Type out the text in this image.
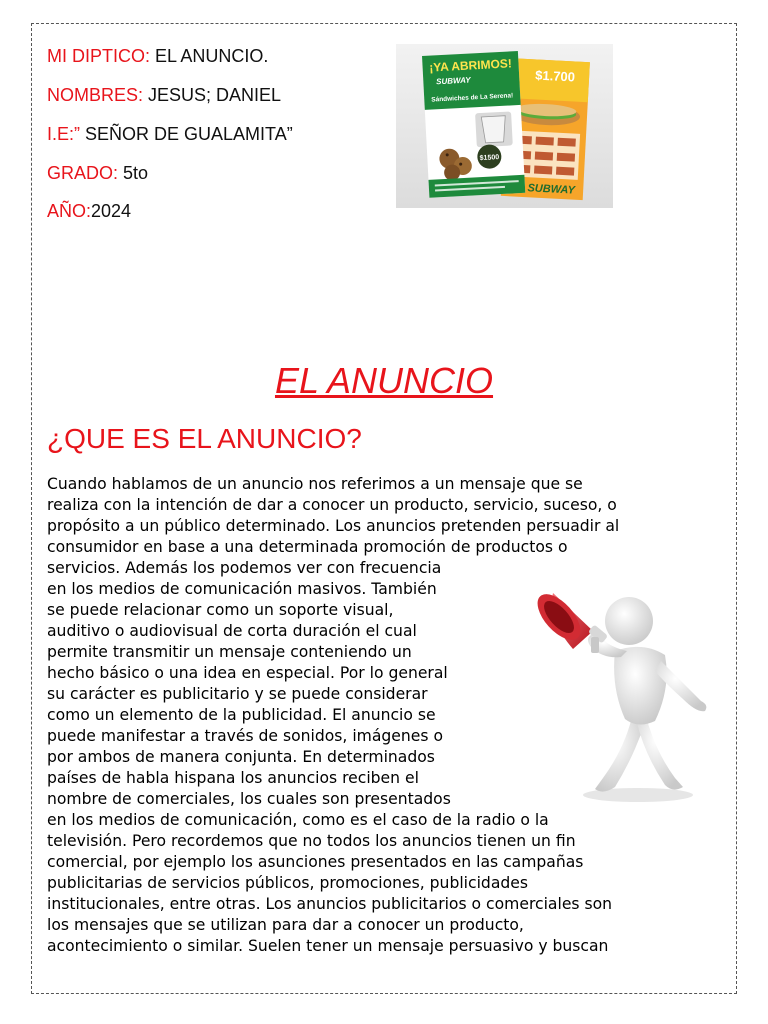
MI DIPTICO: EL ANUNCIO.
NOMBRES: JESUS; DANIEL
I.E:” SEÑOR DE GUALAMITA”
GRADO: 5to
AÑO:2024
$1.700
SUBWAY
¡YA ABRIMOS!
SUBWAY
Sándwiches de La Serena!
$1500
EL ANUNCIO
¿QUE ES EL ANUNCIO?
Cuando hablamos de un anuncio nos referimos a un mensaje que se
realiza con la intención de dar a conocer un producto, servicio, suceso, o
propósito a un público determinado. Los anuncios pretenden persuadir al
consumidor en base a una determinada promoción de productos o
servicios. Además los podemos ver con frecuencia
en los medios de comunicación masivos. También
se puede relacionar como un soporte visual,
auditivo o audiovisual de corta duración el cual
permite transmitir un mensaje conteniendo un
hecho básico o una idea en especial. Por lo general
su carácter es publicitario y se puede considerar
como un elemento de la publicidad. El anuncio se
puede manifestar a través de sonidos, imágenes o
por ambos de manera conjunta. En determinados
países de habla hispana los anuncios reciben el
nombre de comerciales, los cuales son presentados
en los medios de comunicación, como es el caso de la radio o la
televisión. Pero recordemos que no todos los anuncios tienen un fin
comercial, por ejemplo los asunciones presentados en las campañas
publicitarias de servicios públicos, promociones, publicidades
institucionales, entre otras. Los anuncios publicitarios o comerciales son
los mensajes que se utilizan para dar a conocer un producto,
acontecimiento o similar. Suelen tener un mensaje persuasivo y buscan
